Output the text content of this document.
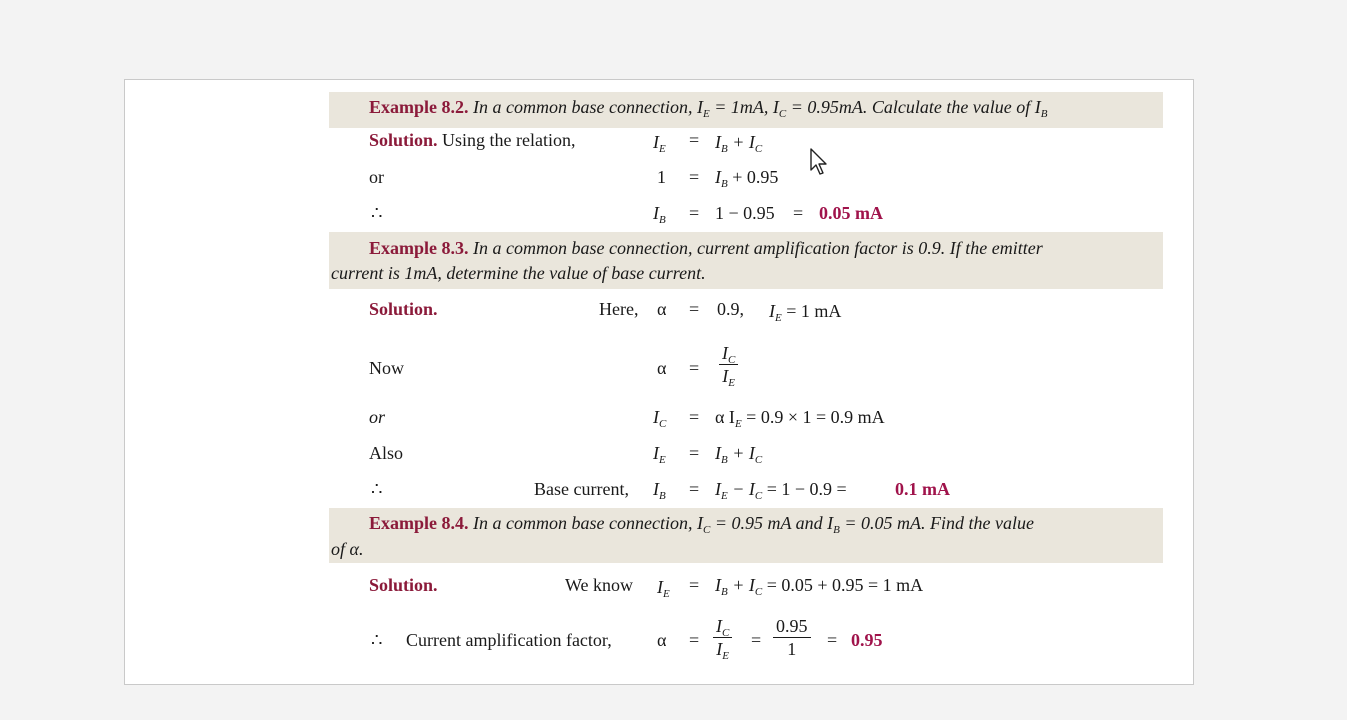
Example 8.2. In a common base connection, $I_E = 1mA$, $I_C = 0.95mA$. Calculate the value of $I_B$
Solution. Using the relation,	$I_E = I_B + I_C$
or	$1 = I_B + 0.95$
∴	$I_B = 1 - 0.95 = 0.05$ mA
Example 8.3. In a common base connection, current amplification factor is 0.9. If the emitter
current is 1mA, determine the value of base current.
Solution.	Here, α = 0.9, $I_E = 1$ mA
Now	$\alpha = \frac{I_C}{I_E}$
or	$I_C = \alpha$ $I_E = 0.9 \times 1 = 0.9$ mA
Also	$I_E = I_B + I_C$
∴	Base current, $I_B = I_E - I_C = 1 - 0.9$ =	0.1 mA
Example 8.4. In a common base connection, $I_C = 0.95$ mA and $I_B = 0.05$ mA. Find the value
of α.
Solution.	We know $I_E = I_B + I_C = 0.05 + 0.95 = 1$ mA
∴ Current amplification factor,	$\alpha = \frac{I_C}{I_E} = \frac{0.95}{1} = 0.95$
